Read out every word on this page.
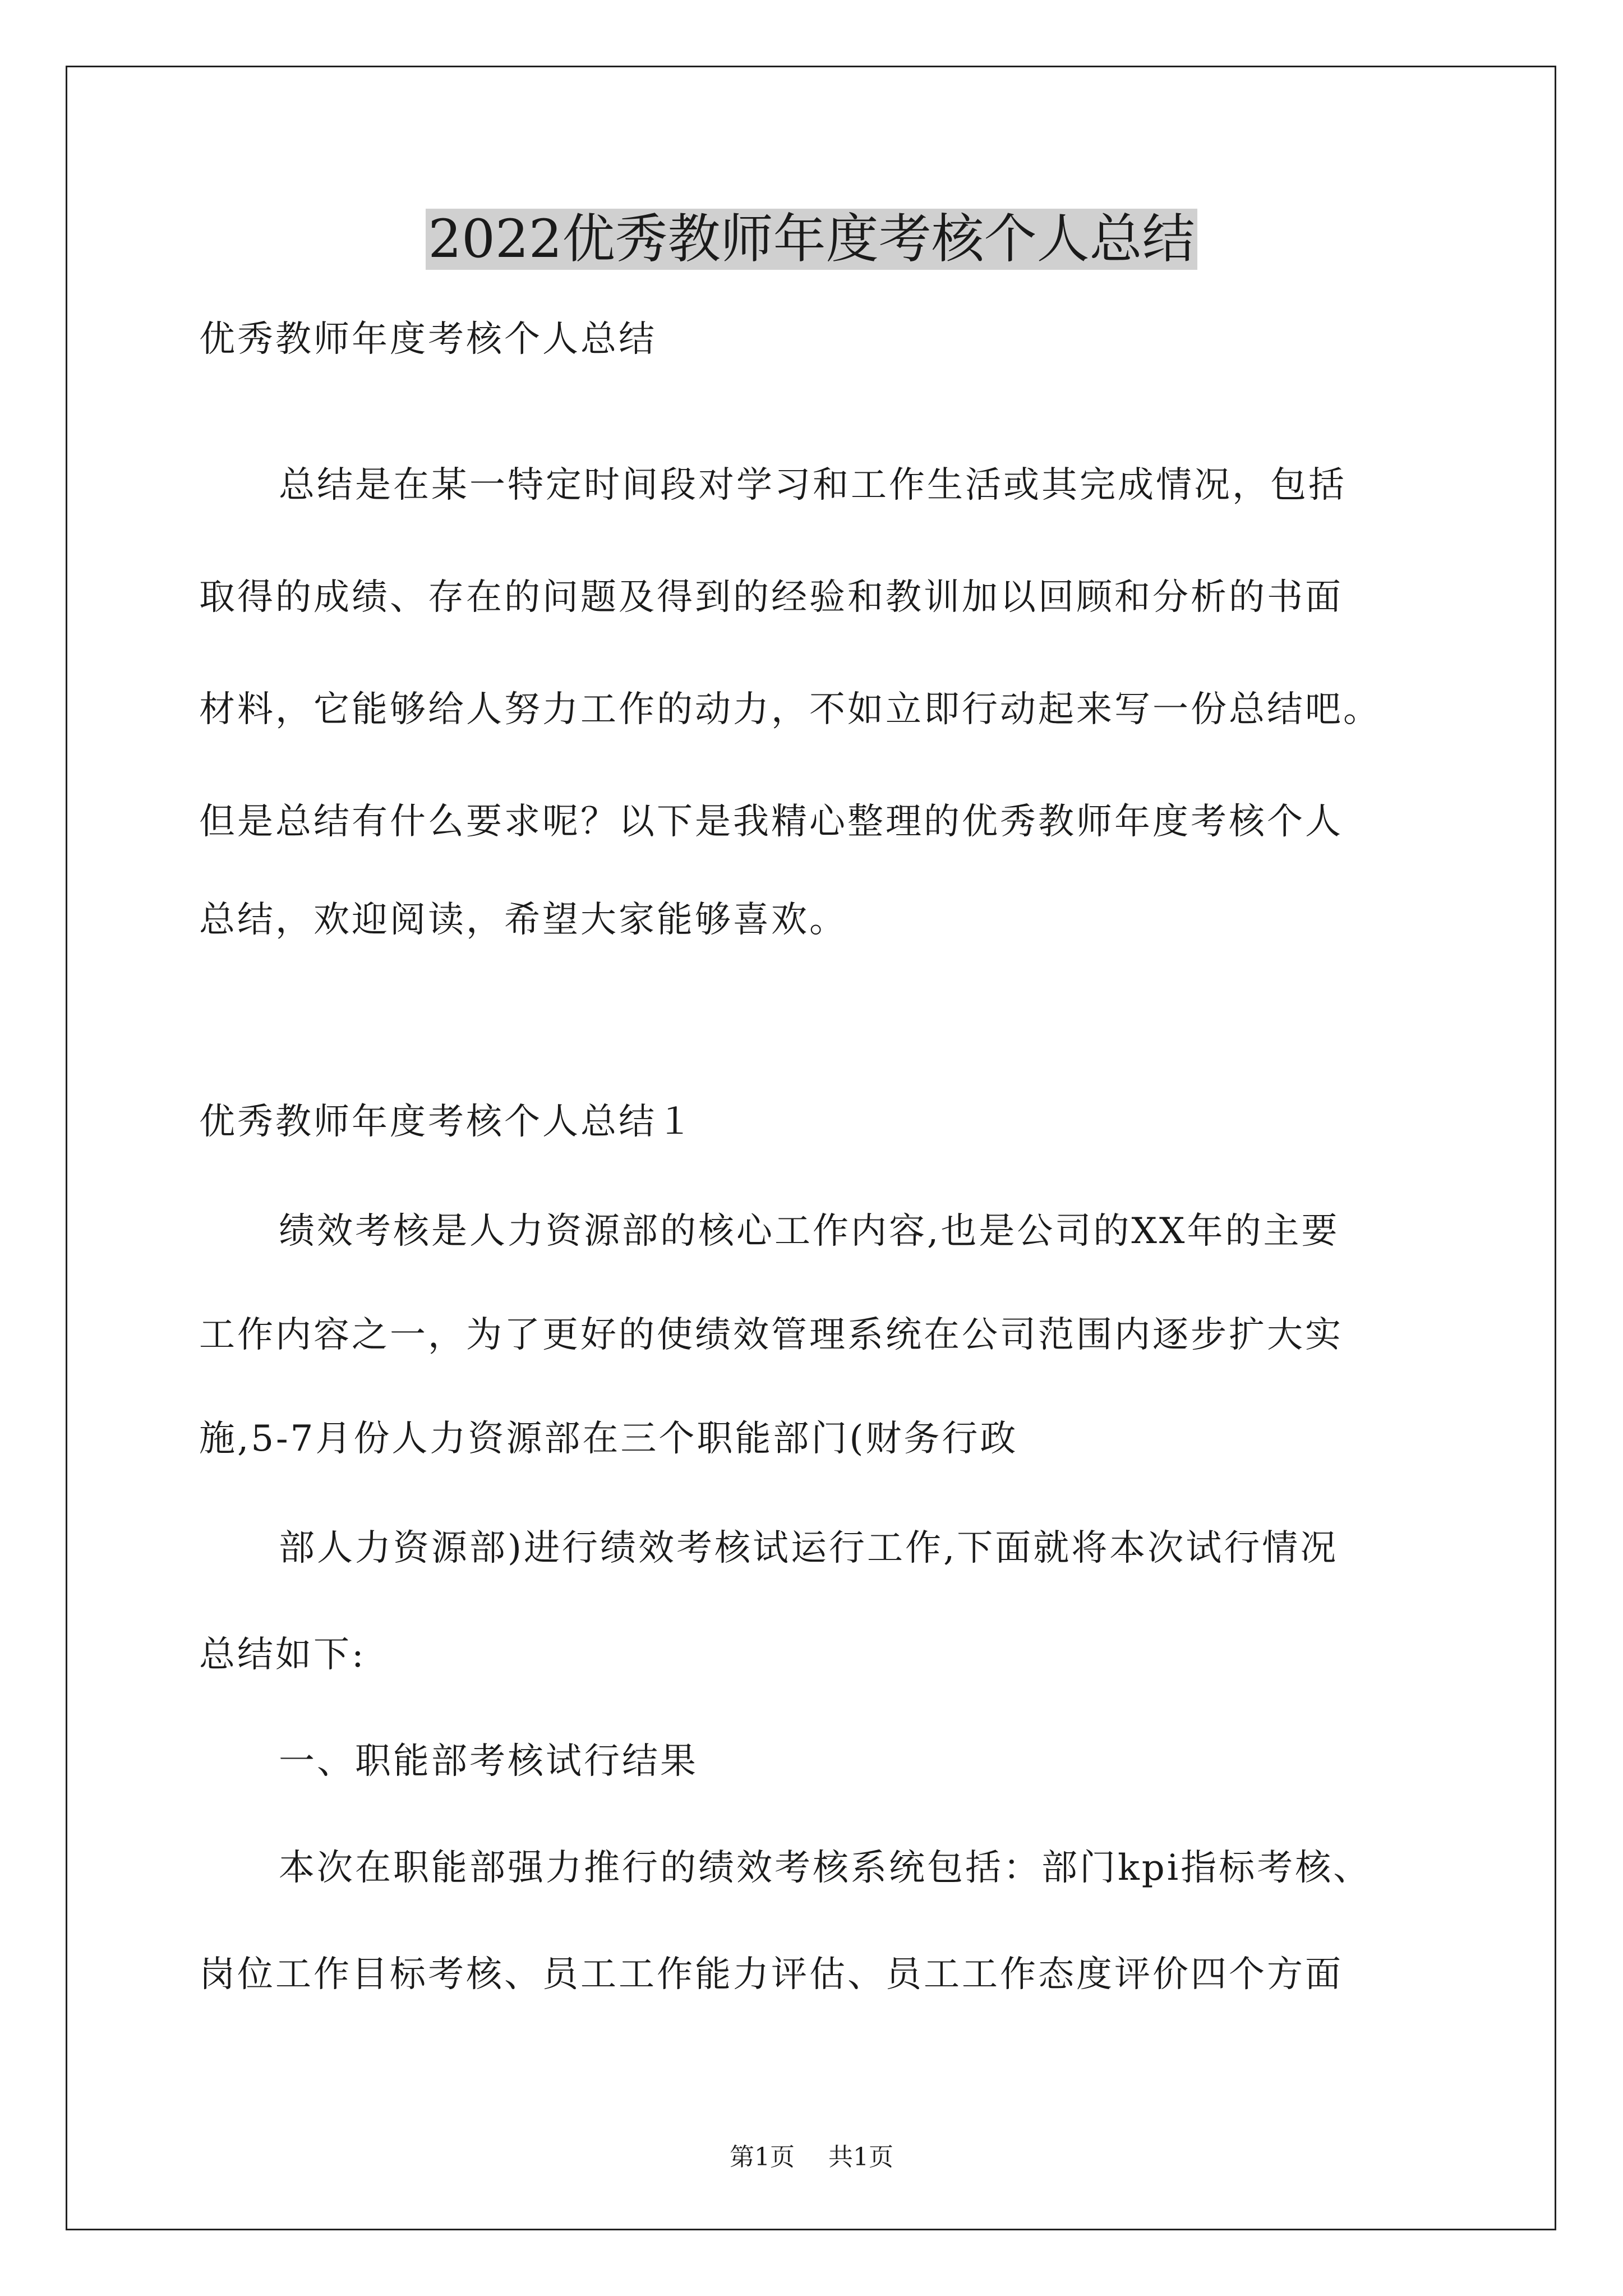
2022优秀教师年度考核个人总结
优秀教师年度考核个人总结
总结是在某一特定时间段对学习和工作生活或其完成情况，包括
取得的成绩、存在的问题及得到的经验和教训加以回顾和分析的书面
材料，它能够给人努力工作的动力，不如立即行动起来写一份总结吧。
但是总结有什么要求呢？以下是我精心整理的优秀教师年度考核个人
总结，欢迎阅读，希望大家能够喜欢。
优秀教师年度考核个人总结１
绩效考核是人力资源部的核心工作内容,也是公司的XX年的主要
工作内容之一，为了更好的使绩效管理系统在公司范围内逐步扩大实
施,5-7月份人力资源部在三个职能部门(财务行政
部人力资源部)进行绩效考核试运行工作,下面就将本次试行情况
总结如下:
一、职能部考核试行结果
本次在职能部强力推行的绩效考核系统包括：部门kpi指标考核、
岗位工作目标考核、员工工作能力评估、员工工作态度评价四个方面
第1页 共1页
